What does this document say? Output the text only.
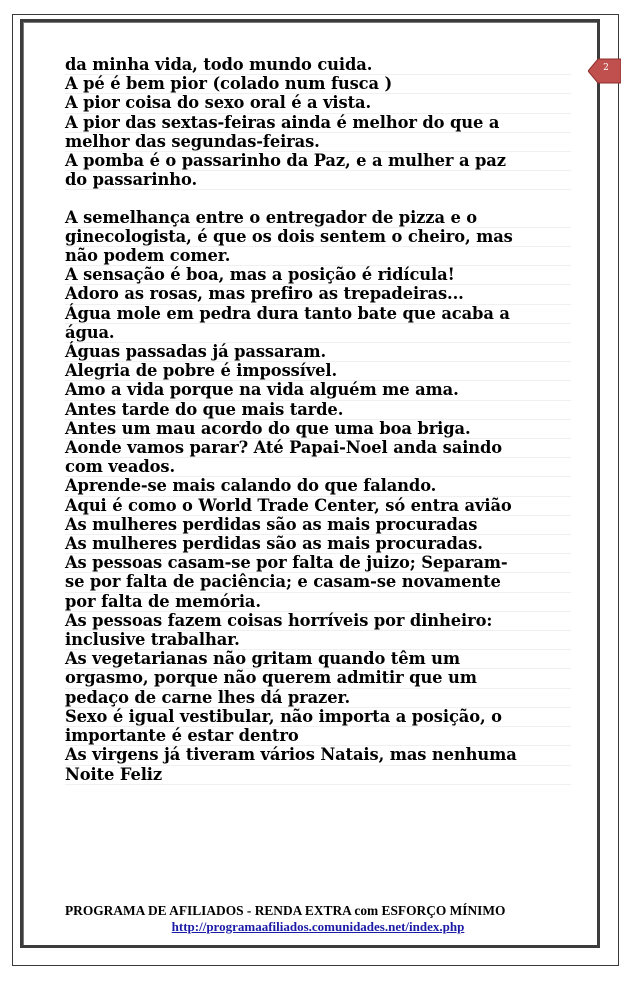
2
da minha vida, todo mundo cuida.
A pé é bem pior (colado num fusca )
A pior coisa do sexo oral é a vista.
A pior das sextas-feiras ainda é melhor do que a
melhor das segundas-feiras.
A pomba é o passarinho da Paz, e a mulher a paz
do passarinho.
A semelhança entre o entregador de pizza e o
ginecologista, é que os dois sentem o cheiro, mas
não podem comer.
A sensação é boa, mas a posição é ridícula!
Adoro as rosas, mas prefiro as trepadeiras...
Água mole em pedra dura tanto bate que acaba a
água.
Águas passadas já passaram.
Alegria de pobre é impossível.
Amo a vida porque na vida alguém me ama.
Antes tarde do que mais tarde.
Antes um mau acordo do que uma boa briga.
Aonde vamos parar? Até Papai-Noel anda saindo
com veados.
Aprende-se mais calando do que falando.
Aqui é como o World Trade Center, só entra avião
As mulheres perdidas são as mais procuradas
As mulheres perdidas são as mais procuradas.
As pessoas casam-se por falta de juizo; Separam-
se por falta de paciência; e casam-se novamente
por falta de memória.
As pessoas fazem coisas horríveis por dinheiro:
inclusive trabalhar.
As vegetarianas não gritam quando têm um
orgasmo, porque não querem admitir que um
pedaço de carne lhes dá prazer.
Sexo é igual vestibular, não importa a posição, o
importante é estar dentro
As virgens já tiveram vários Natais, mas nenhuma
Noite Feliz
PROGRAMA DE AFILIADOS - RENDA EXTRA com ESFORÇO MÍNIMO
http://programaafiliados.comunidades.net/index.php
